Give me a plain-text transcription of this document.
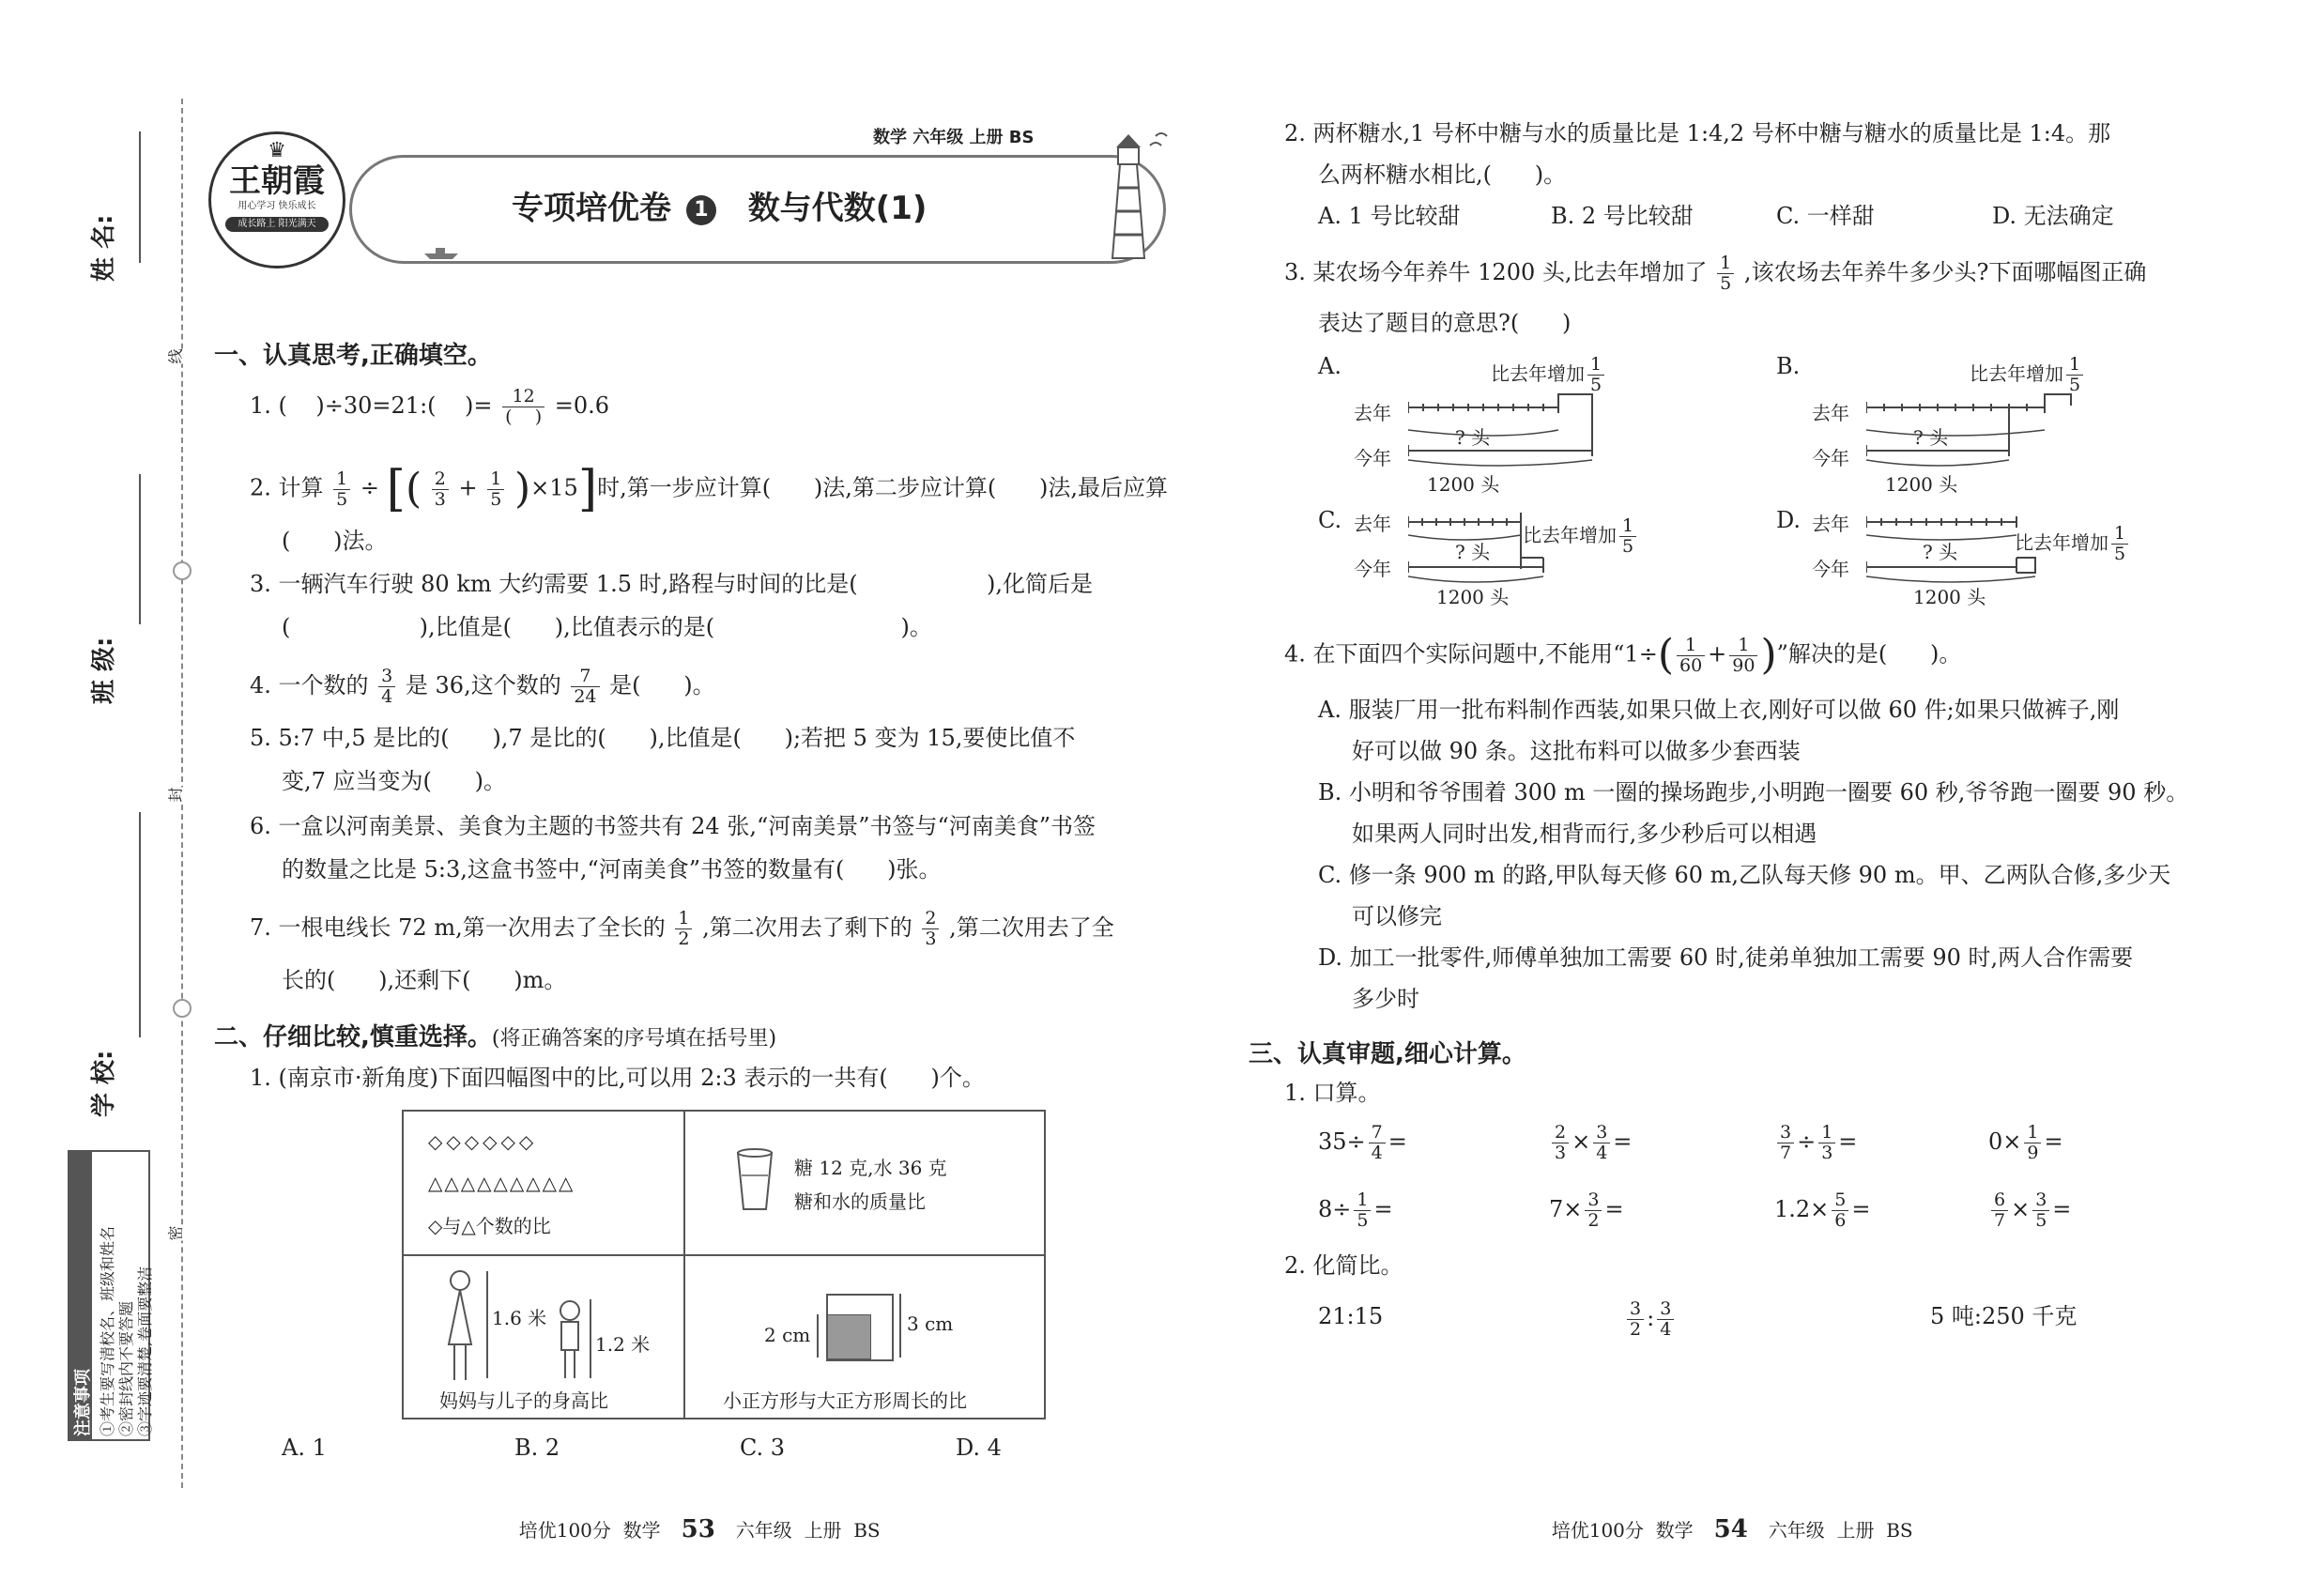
线
封
密
姓 名:
班 级:
学 校:
注意事项 ①考生要写清校名、班级和姓名 ②密封线内不要答题 ③字迹要清楚,卷面要整洁
♛
王朝霞
用心学习 快乐成长
成长路上 阳光满天
数学 六年级 上册 BS
专项培优卷 1 数与代数(1)
一、认真思考,正确填空。
1. (    )÷30=21:(    )= $\frac{12}{( )} =0.6$
2. 计算 $\frac{1}{5}$ ÷ [( $\frac{2}{3} + \frac{1}{5} )\times 15$]时,第一步应计算(      )法,第二步应计算(      )法,最后应算
(      )法。
3. 一辆汽车行驶 80 km 大约需要 1.5 时,路程与时间的比是(                  ),化简后是
(                  ),比值是(      ),比值表示的是(                          )。
4. 一个数的 $\frac{3}{4}$ 是 36,这个数的 $\frac{7}{24}$ 是(      )。
5. 5:7 中,5 是比的(      ),7 是比的(      ),比值是(      );若把 5 变为 15,要使比值不
变,7 应当变为(      )。
6. 一盒以河南美景、美食为主题的书签共有 24 张,“河南美景”书签与“河南美食”书签
的数量之比是 5:3,这盒书签中,“河南美食”书签的数量有(      )张。
7. 一根电线长 72 m,第一次用去了全长的 $\frac{1}{2}$ ,第二次用去了剩下的 $\frac{2}{3}$ ,第二次用去了全
长的(      ),还剩下(      )m。
二、仔细比较,慎重选择。(将正确答案的序号填在括号里)
1. (南京市·新角度)下面四幅图中的比,可以用 2:3 表示的一共有(      )个。
◇◇◇◇◇◇
△△△△△△△△△
◇与△个数的比
糖 12 克,水 36 克
糖和水的质量比
1.6 米
1.2 米
妈妈与儿子的身高比
2 cm	3 cm
小正方形与大正方形周长的比
A. 1	B. 2	C. 3	D. 4
2. 两杯糖水,1 号杯中糖与水的质量比是 1:4,2 号杯中糖与糖水的质量比是 1:4。那
么两杯糖水相比,(      )。
A. 1 号比较甜	B. 2 号比较甜	C. 一样甜	D. 无法确定
3. 某农场今年养牛 1200 头,比去年增加了 $\frac{1}{5}$ ,该农场去年养牛多少头?下面哪幅图正确
表达了题目的意思?(      )
A.	比去年增加 $\frac{1}{5}$
去年
今年
? 头
1200 头
B.	比去年增加 $\frac{1}{5}$
去年
今年
? 头
1200 头
C. 去年	比去年增加 $\frac{1}{5}$
今年
? 头
1200 头
D. 去年
比去年增加 $\frac{1}{5}$
今年
? 头
1200 头
4. 在下面四个实际问题中,不能用“$1\div( \frac{1}{60} + \frac{1}{90}$ )”解决的是(      )。
A. 服装厂用一批布料制作西装,如果只做上衣,刚好可以做 60 件;如果只做裤子,刚
好可以做 90 条。这批布料可以做多少套西装
B. 小明和爷爷围着 300 m 一圈的操场跑步,小明跑一圈要 60 秒,爷爷跑一圈要 90 秒。
如果两人同时出发,相背而行,多少秒后可以相遇
C. 修一条 900 m 的路,甲队每天修 60 m,乙队每天修 90 m。甲、乙两队合修,多少天
可以修完
D. 加工一批零件,师傅单独加工需要 60 时,徒弟单独加工需要 90 时,两人合作需要
多少时
三、认真审题,细心计算。
1. 口算。
$35\div \frac{7}{4}$ =	$\frac{2}{3} \times \frac{3}{4}$ =	$\frac{3}{7} \div \frac{1}{3}$ =	$0\times \frac{1}{9}$ =
$8\div \frac{1}{5}$ =	$7\times \frac{3}{2}$ =	$1.2\times \frac{5}{6}$ =	$\frac{6}{7} \times \frac{3}{5}$ =
2. 化简比。
21:15	$\frac{3}{2}$ : $\frac{3}{4}$	5 吨:250 千克

培优100分  数学 53 六年级  上册  BS	培优100分  数学 54 六年级  上册  BS
